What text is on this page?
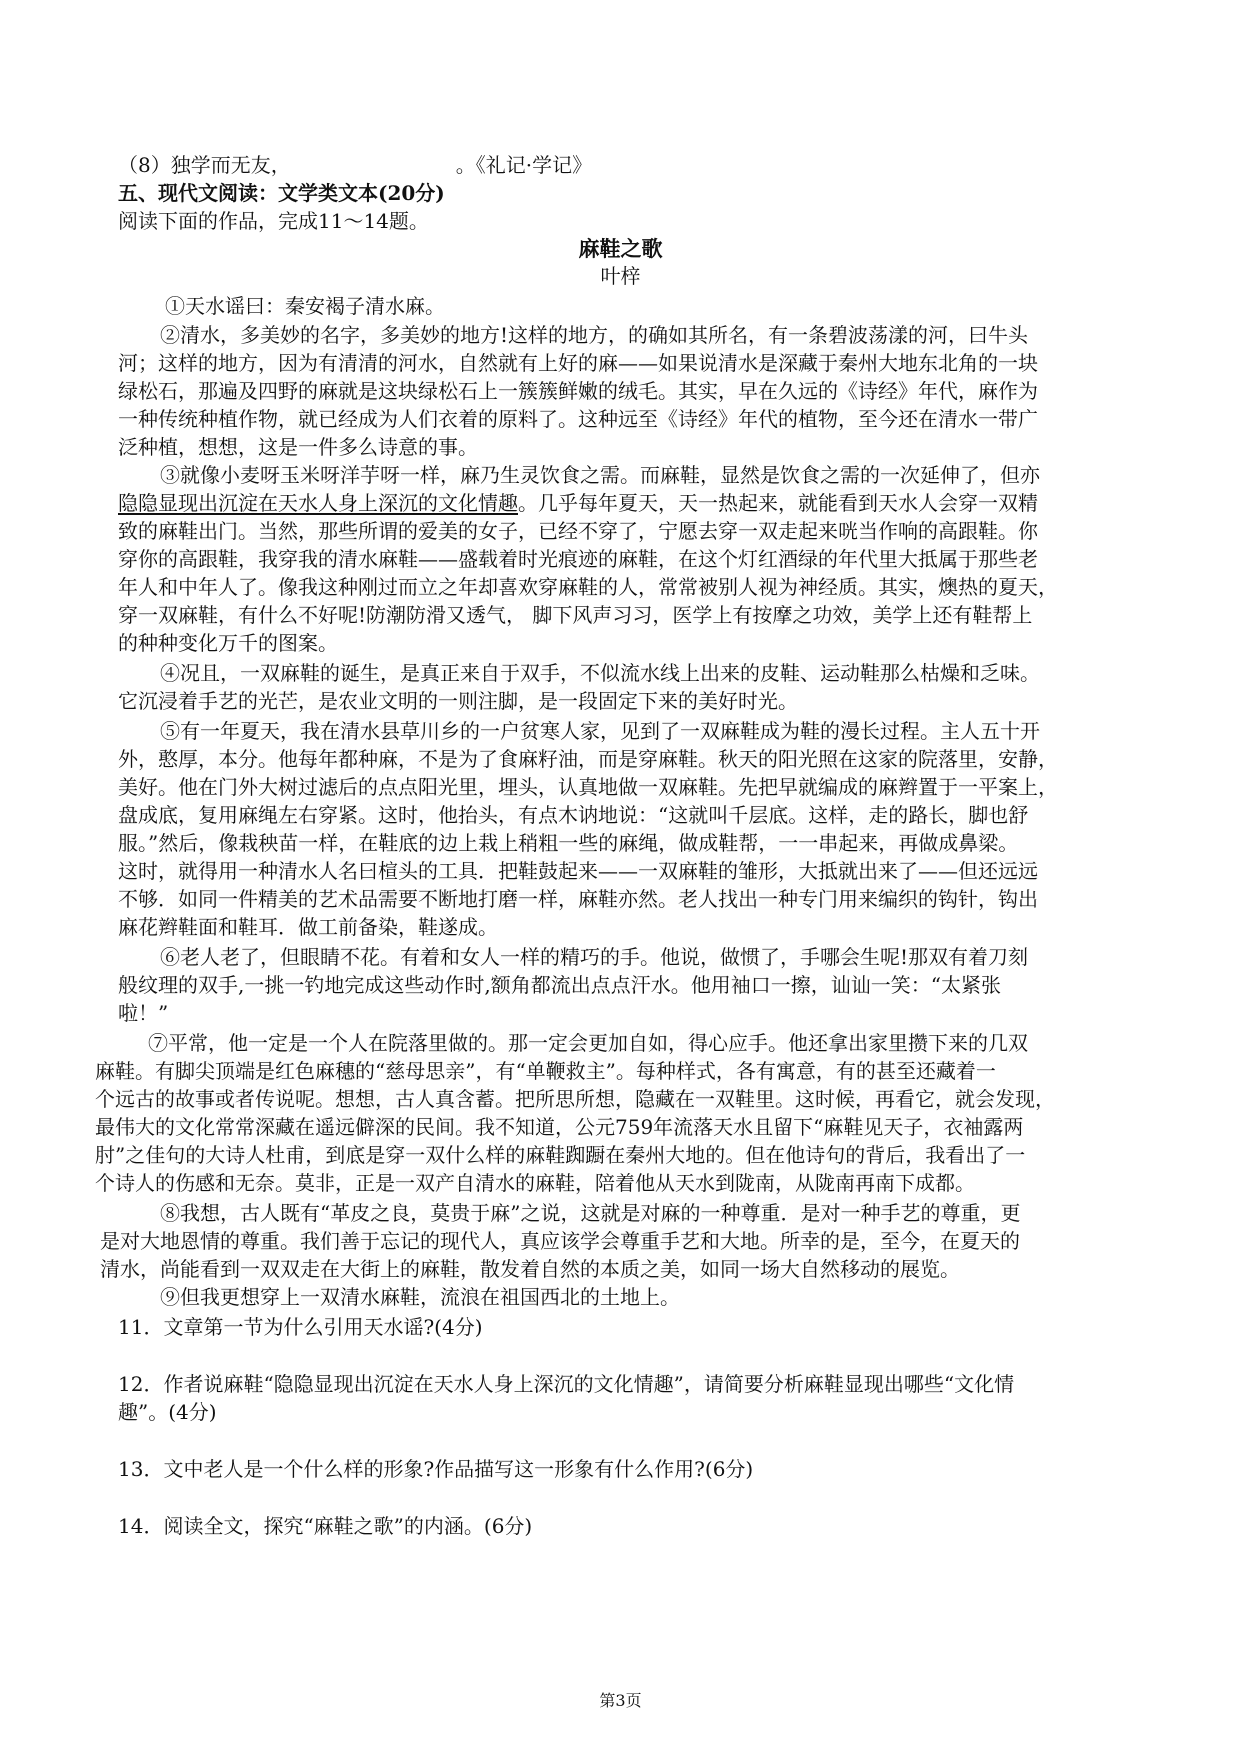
（8）独学而无友，	。《礼记·学记》
五、现代文阅读：文学类文本(20分)
阅读下面的作品，完成11～14题。
麻鞋之歌
叶梓
①天水谣曰：秦安褐子清水麻。
②清水，多美妙的名字，多美妙的地方!这样的地方，的确如其所名，有一条碧波荡漾的河，曰牛头
河；这样的地方，因为有清清的河水，自然就有上好的麻——如果说清水是深藏于秦州大地东北角的一块
绿松石，那遍及四野的麻就是这块绿松石上一簇簇鲜嫩的绒毛。其实，早在久远的《诗经》年代，麻作为
一种传统种植作物，就已经成为人们衣着的原料了。这种远至《诗经》年代的植物，至今还在清水一带广
泛种植，想想，这是一件多么诗意的事。
③就像小麦呀玉米呀洋芋呀一样，麻乃生灵饮食之需。而麻鞋，显然是饮食之需的一次延伸了，但亦
隐隐显现出沉淀在天水人身上深沉的文化情趣。几乎每年夏天，天一热起来，就能看到天水人会穿一双精
致的麻鞋出门。当然，那些所谓的爱美的女子，已经不穿了，宁愿去穿一双走起来咣当作响的高跟鞋。你
穿你的高跟鞋，我穿我的清水麻鞋——盛载着时光痕迹的麻鞋，在这个灯红酒绿的年代里大抵属于那些老
年人和中年人了。像我这种刚过而立之年却喜欢穿麻鞋的人，常常被别人视为神经质。其实，燠热的夏天，
穿一双麻鞋，有什么不好呢!防潮防滑又透气， 脚下风声习习，医学上有按摩之功效，美学上还有鞋帮上
的种种变化万千的图案。
④况且，一双麻鞋的诞生，是真正来自于双手，不似流水线上出来的皮鞋、运动鞋那么枯燥和乏味。
它沉浸着手艺的光芒，是农业文明的一则注脚，是一段固定下来的美好时光。
⑤有一年夏天，我在清水县草川乡的一户贫寒人家，见到了一双麻鞋成为鞋的漫长过程。主人五十开
外，憨厚，本分。他每年都种麻，不是为了食麻籽油，而是穿麻鞋。秋天的阳光照在这家的院落里，安静，
美好。他在门外大树过滤后的点点阳光里，埋头，认真地做一双麻鞋。先把早就编成的麻辫置于一平案上，
盘成底，复用麻绳左右穿紧。这时，他抬头，有点木讷地说：“这就叫千层底。这样，走的路长，脚也舒
服。”然后，像栽秧苗一样，在鞋底的边上栽上稍粗一些的麻绳，做成鞋帮，一一串起来，再做成鼻梁。
这时，就得用一种清水人名曰楦头的工具．把鞋鼓起来——一双麻鞋的雏形，大抵就出来了——但还远远
不够．如同一件精美的艺术品需要不断地打磨一样，麻鞋亦然。老人找出一种专门用来编织的钩针，钩出
麻花辫鞋面和鞋耳．做工前备染，鞋遂成。
⑥老人老了，但眼睛不花。有着和女人一样的精巧的手。他说，做惯了，手哪会生呢!那双有着刀刻
般纹理的双手,一挑一钓地完成这些动作时,额角都流出点点汗水。他用袖口一擦，讪讪一笑：“太紧张
啦！”
⑦平常，他一定是一个人在院落里做的。那一定会更加自如，得心应手。他还拿出家里攒下来的几双
麻鞋。有脚尖顶端是红色麻穗的“慈母思亲”，有“单鞭救主”。每种样式，各有寓意，有的甚至还藏着一
个远古的故事或者传说呢。想想，古人真含蓄。把所思所想，隐藏在一双鞋里。这时候，再看它，就会发现，
最伟大的文化常常深藏在遥远僻深的民间。我不知道，公元759年流落天水且留下“麻鞋见天子，衣袖露两
肘”之佳句的大诗人杜甫，到底是穿一双什么样的麻鞋踟蹰在秦州大地的。但在他诗句的背后，我看出了一
个诗人的伤感和无奈。莫非，正是一双产自清水的麻鞋，陪着他从天水到陇南，从陇南再南下成都。
⑧我想，古人既有“革皮之良，莫贵于麻”之说，这就是对麻的一种尊重．是对一种手艺的尊重，更
是对大地恩情的尊重。我们善于忘记的现代人，真应该学会尊重手艺和大地。所幸的是，至今，在夏天的
清水，尚能看到一双双走在大街上的麻鞋，散发着自然的本质之美，如同一场大自然移动的展览。
⑨但我更想穿上一双清水麻鞋，流浪在祖国西北的土地上。
11．文章第一节为什么引用天水谣?(4分)
12．作者说麻鞋“隐隐显现出沉淀在天水人身上深沉的文化情趣”，请简要分析麻鞋显现出哪些“文化情
趣”。(4分)
13．文中老人是一个什么样的形象?作品描写这一形象有什么作用?(6分)
14．阅读全文，探究“麻鞋之歌”的内涵。(6分)
第3页
